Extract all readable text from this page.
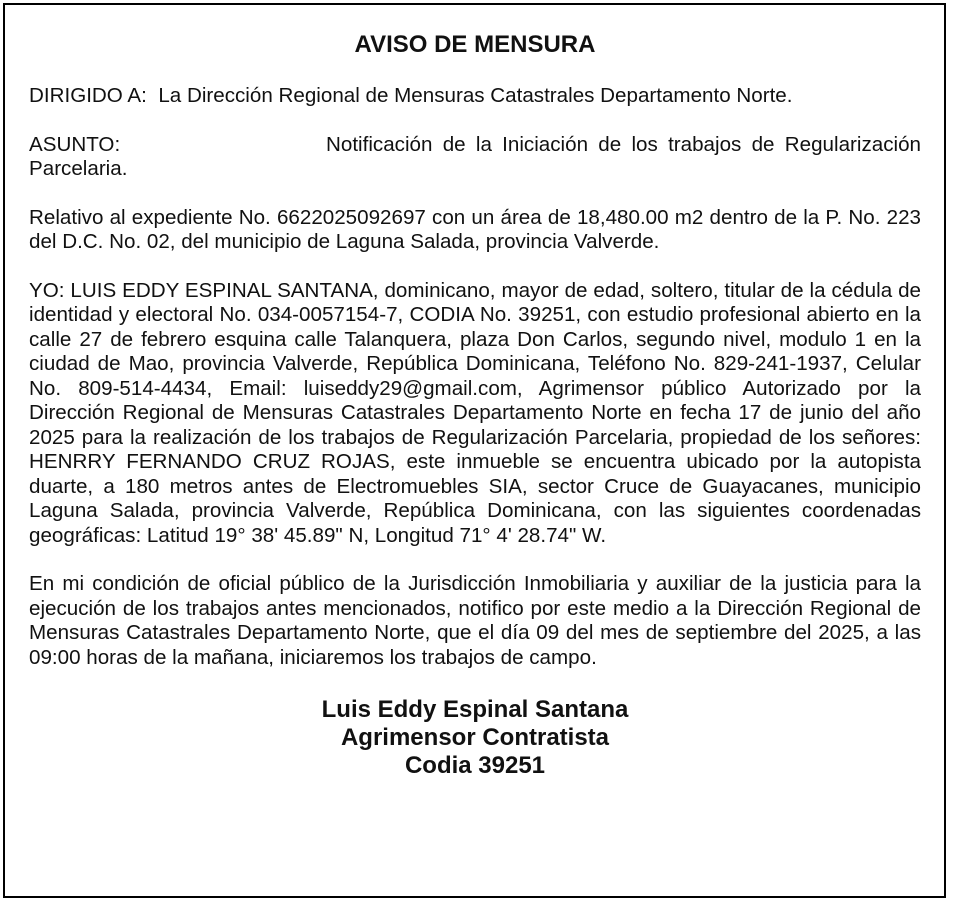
AVISO DE MENSURA
DIRIGIDO A: La Dirección Regional de Mensuras Catastrales Departamento Norte.
ASUNTO:	Notificación de la Iniciación de los trabajos de Regularización Parcelaria.
Relativo al expediente No. 6622025092697 con un área de 18,480.00 m2 dentro de la P. No. 223 del D.C. No. 02, del municipio de Laguna Salada, provincia Valverde.
YO: LUIS EDDY ESPINAL SANTANA, dominicano, mayor de edad, soltero, titular de la cédula de identidad y electoral No. 034-0057154-7, CODIA No. 39251, con estudio profesional abierto en la calle 27 de febrero esquina calle Talanquera, plaza Don Carlos, segundo nivel, modulo 1 en la ciudad de Mao, provincia Valverde, República Dominicana, Teléfono No. 829-241-1937, Celular No. 809-514-4434, Email: luiseddy29@gmail.com, Agrimensor público Autorizado por la Dirección Regional de Mensuras Catastrales Departamento Norte en fecha 17 de junio del año 2025 para la realización de los trabajos de Regularización Parcelaria, propiedad de los señores: HENRRY FERNANDO CRUZ ROJAS, este inmueble se encuentra ubicado por la autopista duarte, a 180 metros antes de Electromuebles SIA, sector Cruce de Guayacanes, municipio Laguna Salada, provincia Valverde, República Dominicana, con las siguientes coordenadas geográficas: Latitud 19° 38' 45.89" N, Longitud 71° 4' 28.74" W.
En mi condición de oficial público de la Jurisdicción Inmobiliaria y auxiliar de la justicia para la ejecución de los trabajos antes mencionados, notifico por este medio a la Dirección Regional de Mensuras Catastrales Departamento Norte, que el día 09 del mes de septiembre del 2025, a las 09:00 horas de la mañana, iniciaremos los trabajos de campo.
Luis Eddy Espinal Santana
Agrimensor Contratista
Codia 39251
